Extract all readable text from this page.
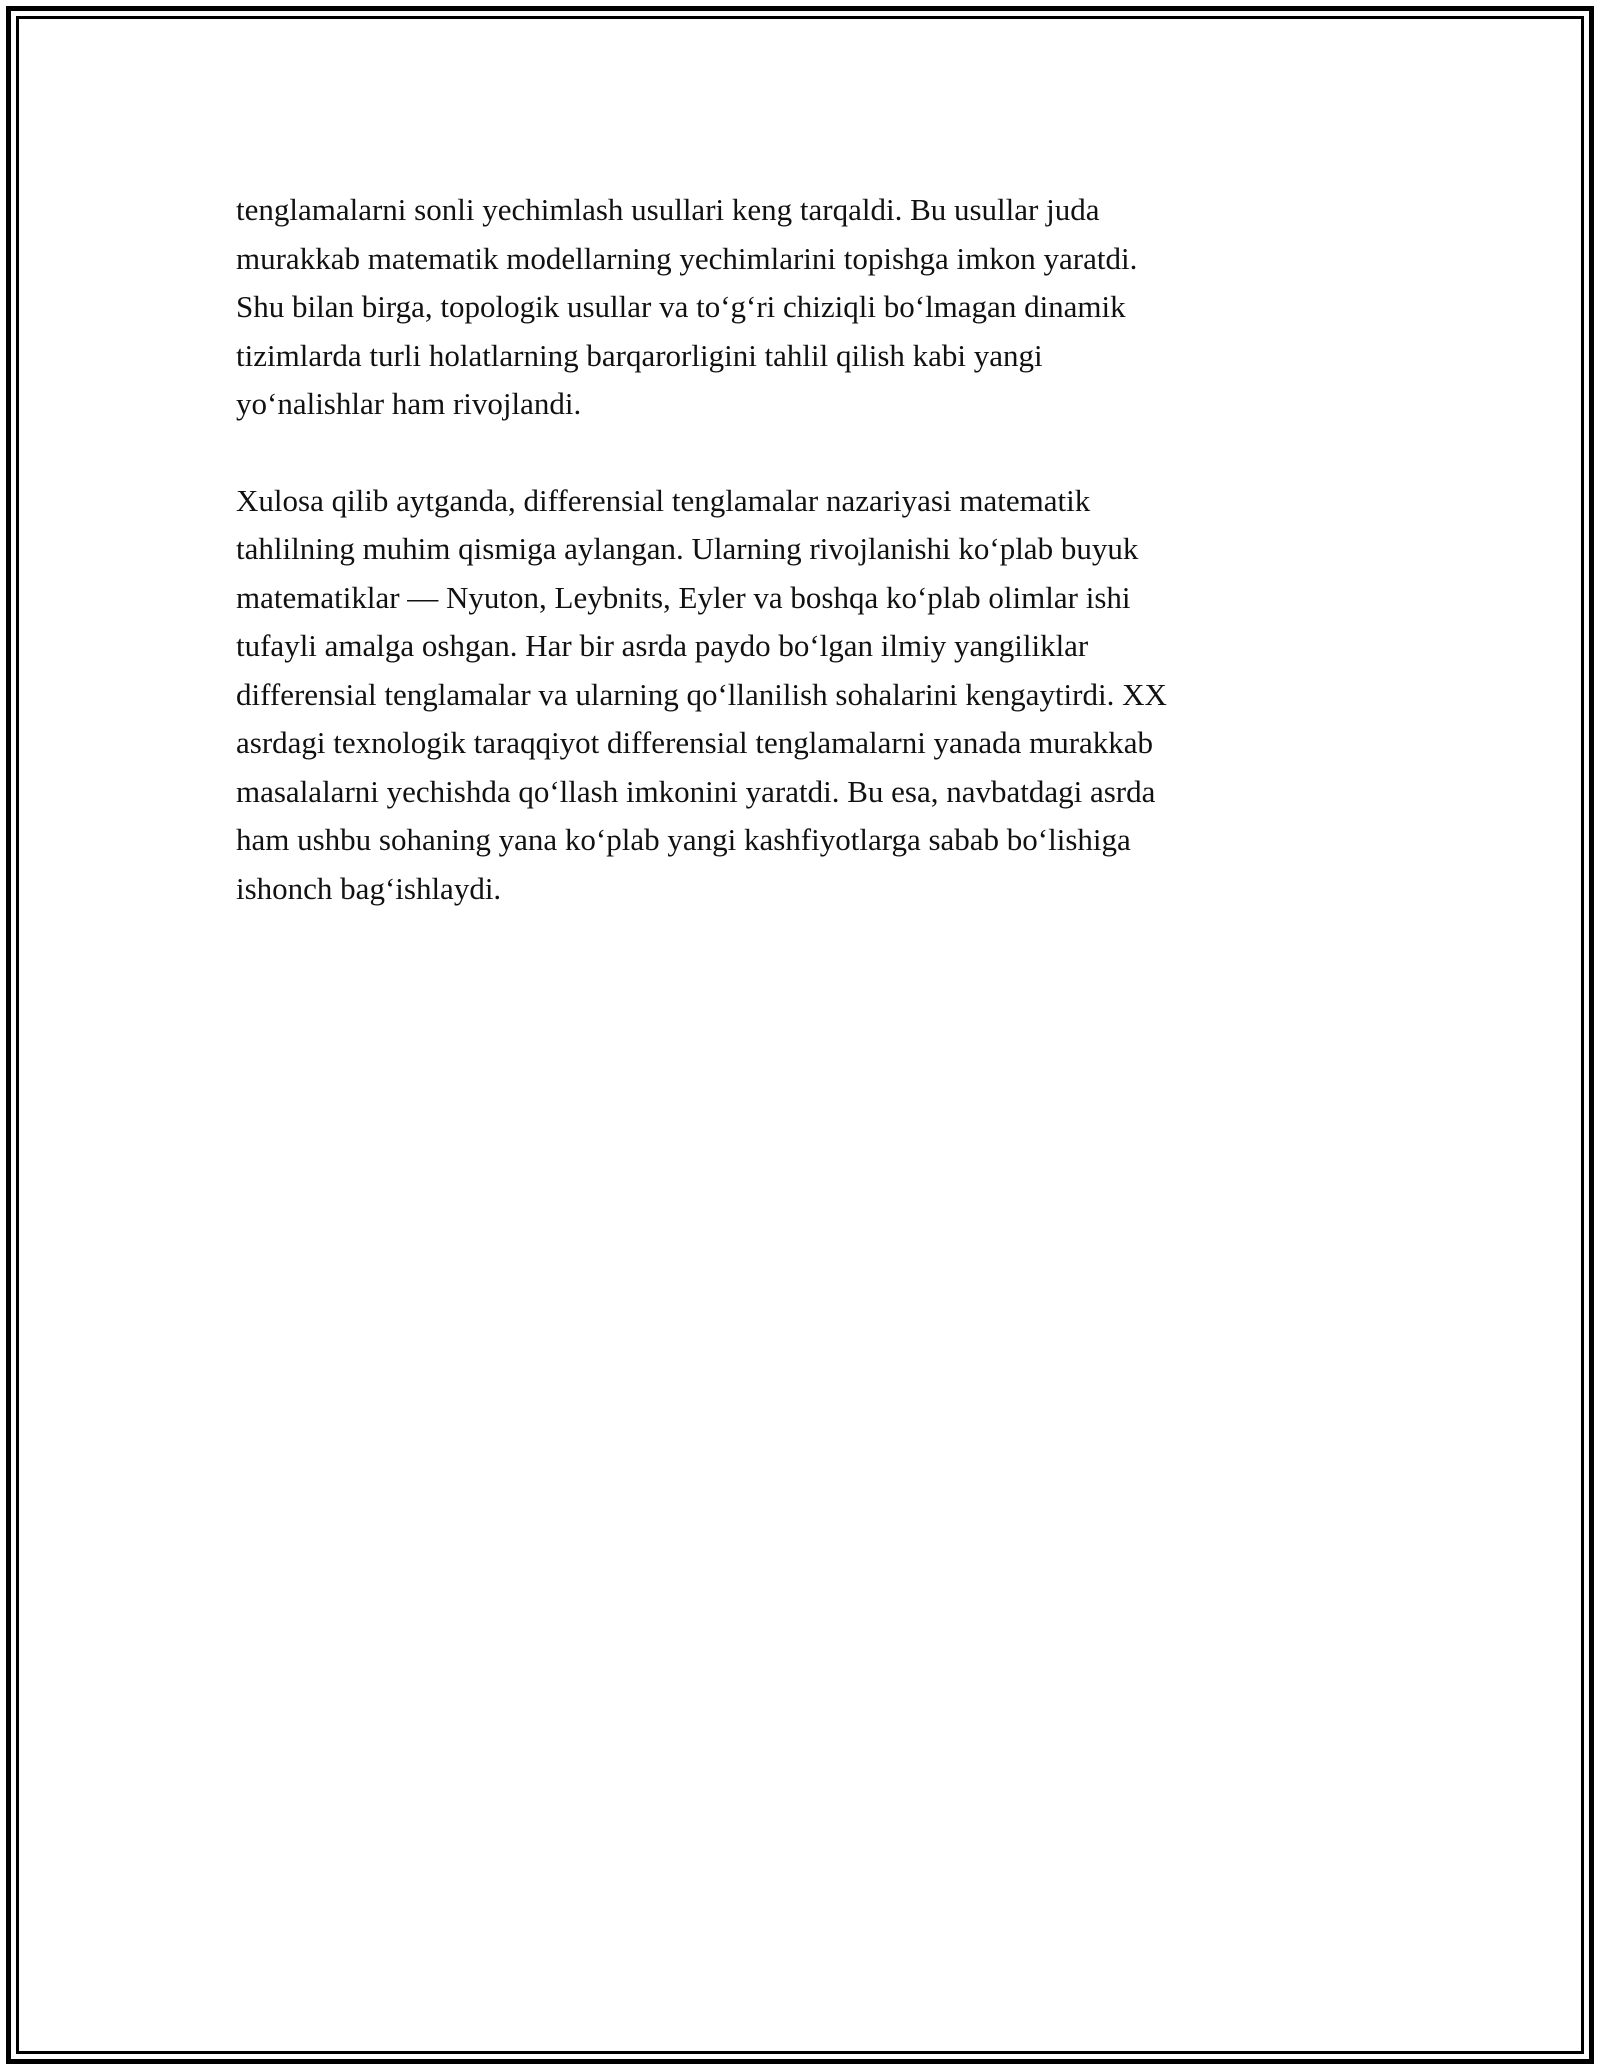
tenglamalarni sonli yechimlash usullari keng tarqaldi. Bu usullar juda
murakkab matematik modellarning yechimlarini topishga imkon yaratdi.
Shu bilan birga, topologik usullar va to‘g‘ri chiziqli bo‘lmagan dinamik
tizimlarda turli holatlarning barqarorligini tahlil qilish kabi yangi
yo‘nalishlar ham rivojlandi.

Xulosa qilib aytganda, differensial tenglamalar nazariyasi matematik
tahlilning muhim qismiga aylangan. Ularning rivojlanishi ko‘plab buyuk
matematiklar — Nyuton, Leybnits, Eyler va boshqa ko‘plab olimlar ishi
tufayli amalga oshgan. Har bir asrda paydo bo‘lgan ilmiy yangiliklar
differensial tenglamalar va ularning qo‘llanilish sohalarini kengaytirdi. XX
asrdagi texnologik taraqqiyot differensial tenglamalarni yanada murakkab
masalalarni yechishda qo‘llash imkonini yaratdi. Bu esa, navbatdagi asrda
ham ushbu sohaning yana ko‘plab yangi kashfiyotlarga sabab bo‘lishiga
ishonch bag‘ishlaydi.
